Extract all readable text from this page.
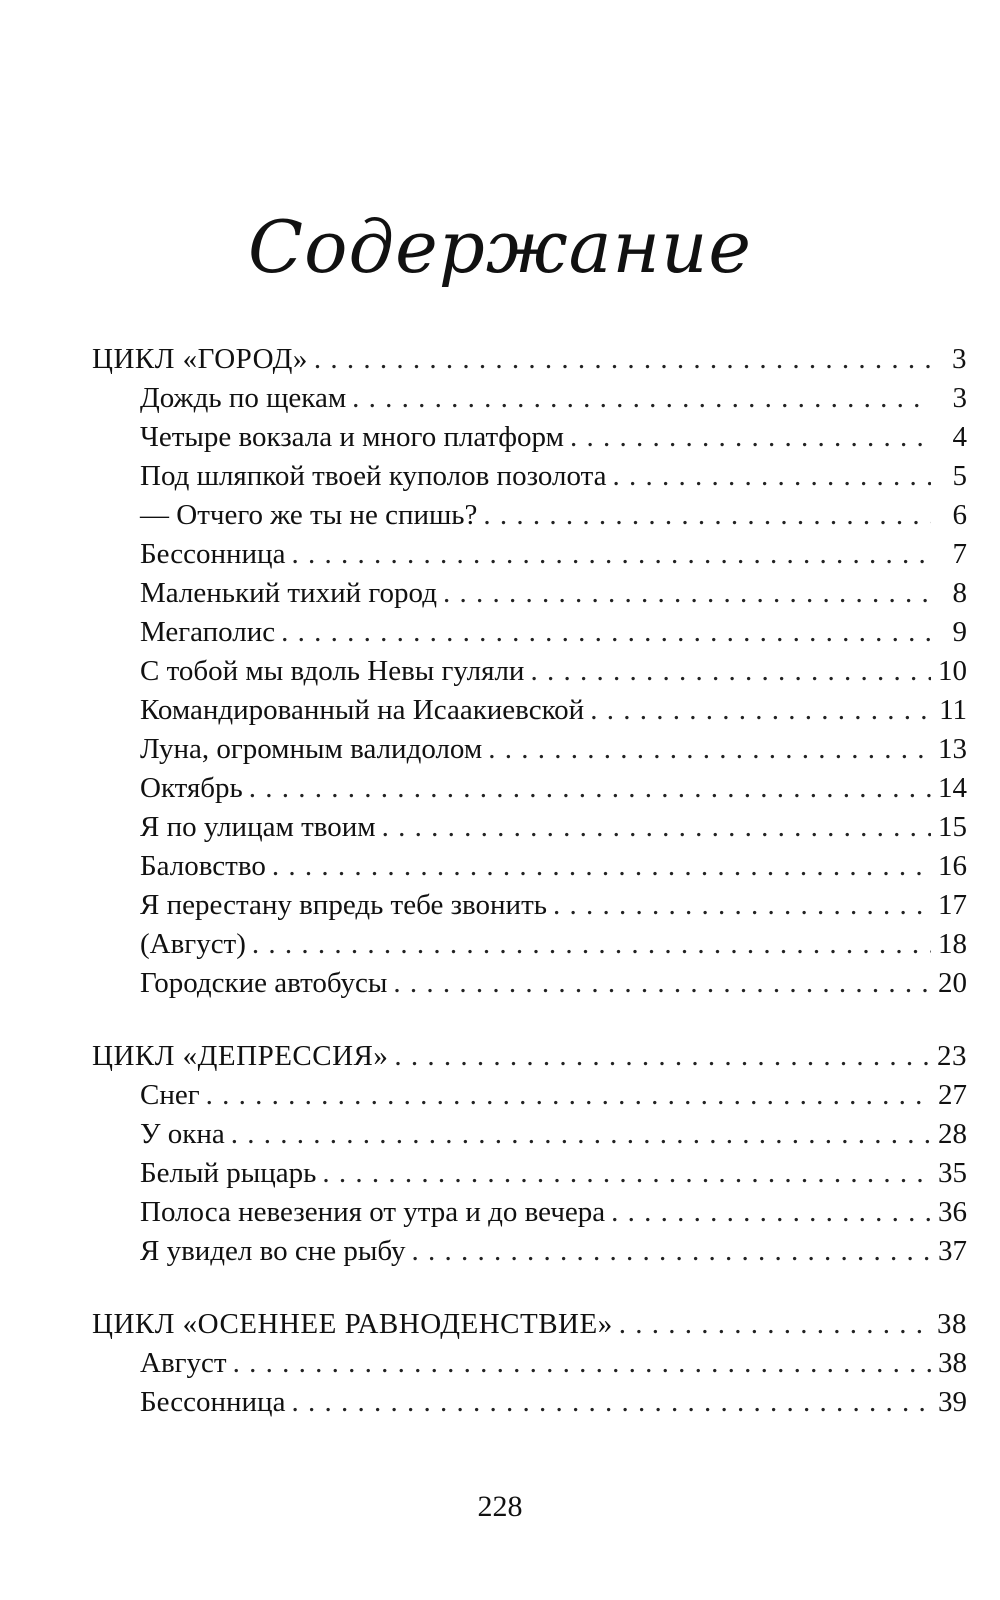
Содержание
ЦИКЛ «ГОРОД» . . .	3
Дождь по щекам . . .	3
Четыре вокзала и много платформ . . .	4
Под шляпкой твоей куполов позолота . . .	5
— Отчего же ты не спишь? . . .	6
Бессонница . . .	7
Маленький тихий город . . .	8
Мегаполис . . .	9
С тобой мы вдоль Невы гуляли . . .	10
Командированный на Исаакиевской . . .	11
Луна, огромным валидолом . . .	13
Октябрь . . .	14
Я по улицам твоим . . .	15
Баловство . . .	16
Я перестану впредь тебе звонить . . .	17
(Август) . . .	18
Городские автобусы . . .	20
ЦИКЛ «ДЕПРЕССИЯ» . . .	23
Снег . . .	27
У окна . . .	28
Белый рыцарь . . .	35
Полоса невезения от утра и до вечера . . .	36
Я увидел во сне рыбу . . .	37
ЦИКЛ «ОСЕННЕЕ РАВНОДЕНСТВИЕ» . . .	38
Август . . .	38
Бессонница . . .	39
228
